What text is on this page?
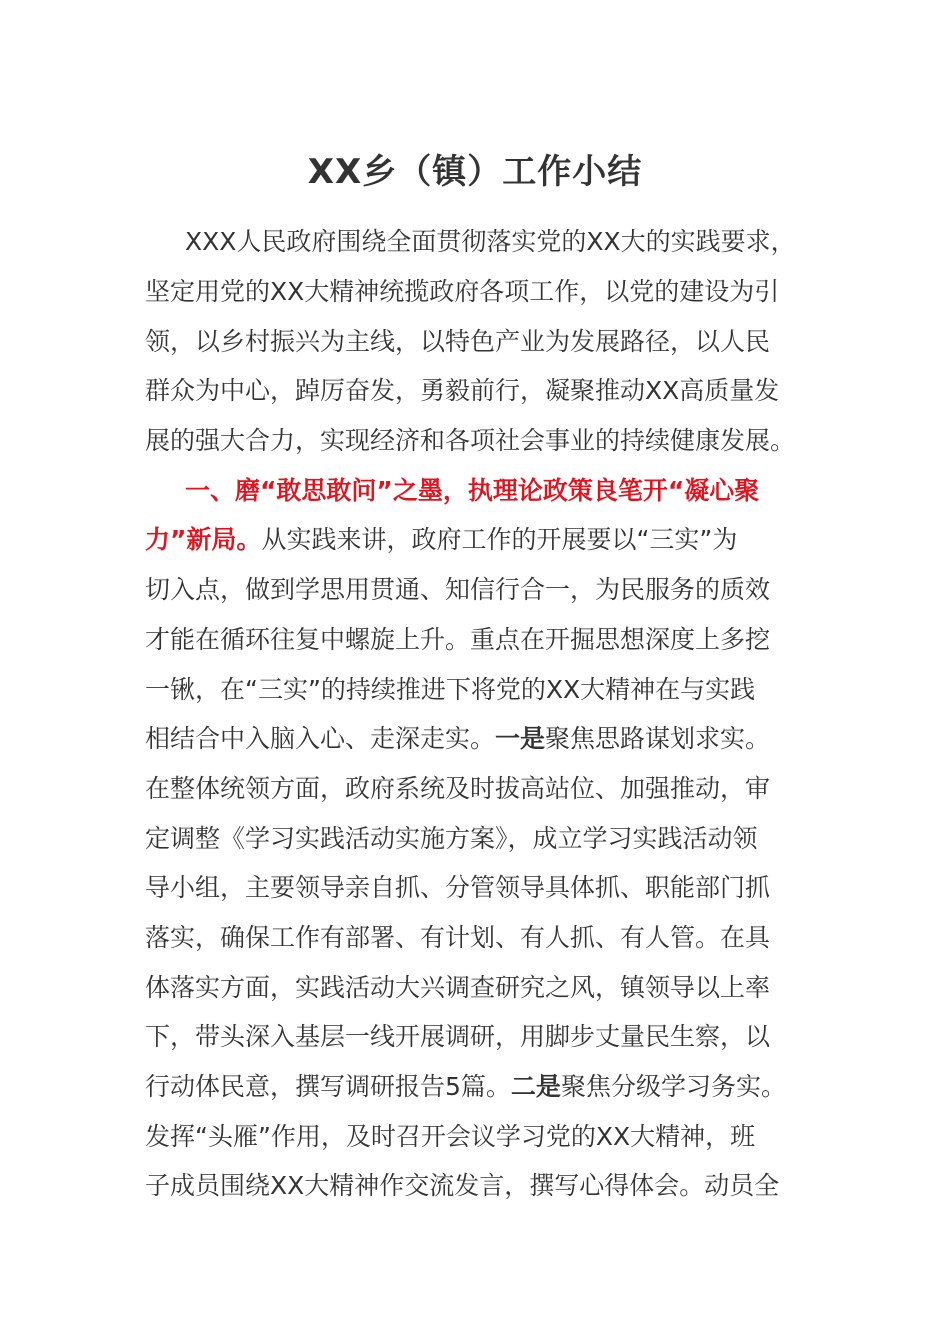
XX乡（镇）工作小结
XXX人民政府围绕全面贯彻落实党的XX大的实践要求，
坚定用党的XX大精神统揽政府各项工作，以党的建设为引
领，以乡村振兴为主线，以特色产业为发展路径，以人民
群众为中心，踔厉奋发，勇毅前行，凝聚推动XX高质量发
展的强大合力，实现经济和各项社会事业的持续健康发展。
一、磨“敢思敢问”之墨，执理论政策良笔开“凝心聚
力”新局。从实践来讲，政府工作的开展要以“三实”为
切入点，做到学思用贯通、知信行合一，为民服务的质效
才能在循环往复中螺旋上升。重点在开掘思想深度上多挖
一锹，在“三实”的持续推进下将党的XX大精神在与实践
相结合中入脑入心、走深走实。一是聚焦思路谋划求实。
在整体统领方面，政府系统及时拔高站位、加强推动，审
定调整《学习实践活动实施方案》，成立学习实践活动领
导小组，主要领导亲自抓、分管领导具体抓、职能部门抓
落实，确保工作有部署、有计划、有人抓、有人管。在具
体落实方面，实践活动大兴调查研究之风，镇领导以上率
下，带头深入基层一线开展调研，用脚步丈量民生察，以
行动体民意，撰写调研报告5篇。二是聚焦分级学习务实。
发挥“头雁”作用，及时召开会议学习党的XX大精神，班
子成员围绕XX大精神作交流发言，撰写心得体会。动员全
